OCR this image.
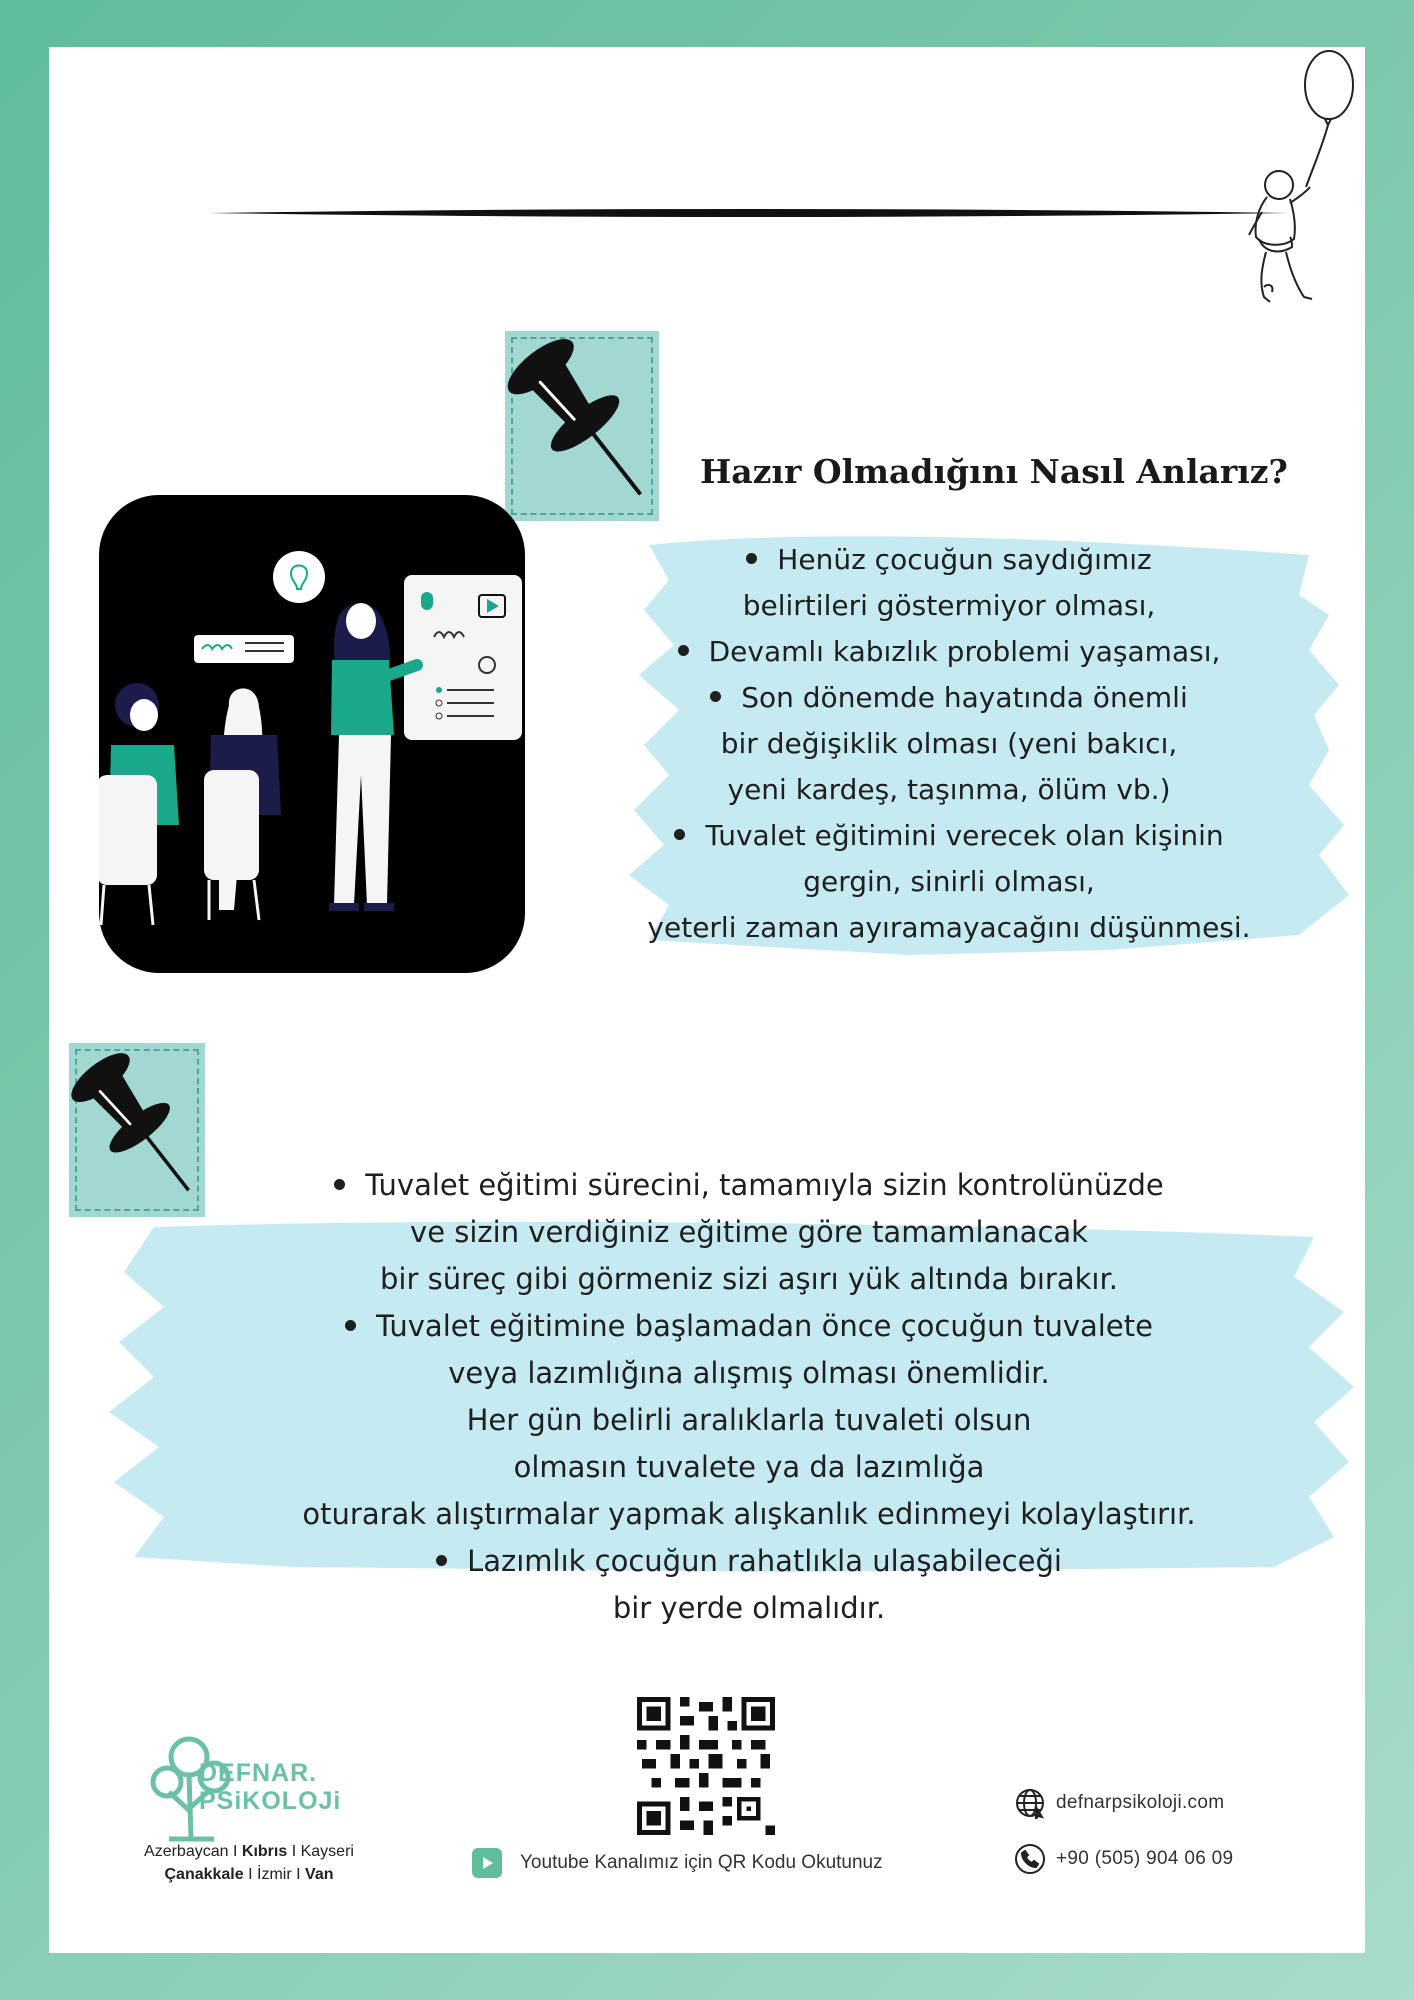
Hazır Olmadığını Nasıl Anlarız?
Henüz çocuğun saydığımız
belirtileri göstermiyor olması,
Devamlı kabızlık problemi yaşaması,
Son dönemde hayatında önemli
bir değişiklik olması (yeni bakıcı,
yeni kardeş, taşınma, ölüm vb.)
Tuvalet eğitimini verecek olan kişinin
gergin, sinirli olması,
yeterli zaman ayıramayacağını düşünmesi.
Tuvalet eğitimi sürecini, tamamıyla sizin kontrolünüzde
ve sizin verdiğiniz eğitime göre tamamlanacak
bir süreç gibi görmeniz sizi aşırı yük altında bırakır.
Tuvalet eğitimine başlamadan önce çocuğun tuvalete
veya lazımlığına alışmış olması önemlidir.
Her gün belirli aralıklarla tuvaleti olsun
olmasın tuvalete ya da lazımlığa
oturarak alıştırmalar yapmak alışkanlık edinmeyi kolaylaştırır.
Lazımlık çocuğun rahatlıkla ulaşabileceği
bir yerde olmalıdır.
DEFNAR.
PSiKOLOJi
Azerbaycan I Kıbrıs I Kayseri
Çanakkale I İzmir I Van
Youtube Kanalımız için QR Kodu Okutunuz
defnarpsikoloji.com
+90 (505) 904 06 09
